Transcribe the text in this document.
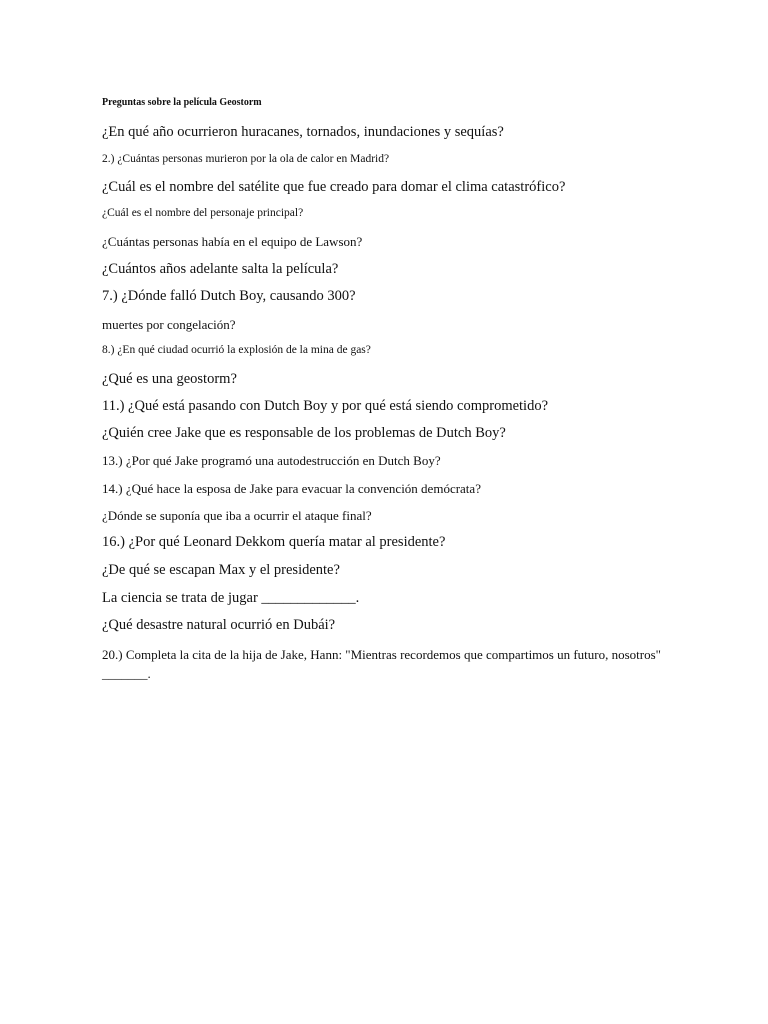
Preguntas sobre la película Geostorm
¿En qué año ocurrieron huracanes, tornados, inundaciones y sequías?
2.) ¿Cuántas personas murieron por la ola de calor en Madrid?
¿Cuál es el nombre del satélite que fue creado para domar el clima catastrófico?
¿Cuál es el nombre del personaje principal?
¿Cuántas personas había en el equipo de Lawson?
¿Cuántos años adelante salta la película?
7.) ¿Dónde falló Dutch Boy, causando 300?
muertes por congelación?
8.) ¿En qué ciudad ocurrió la explosión de la mina de gas?
¿Qué es una geostorm?
11.) ¿Qué está pasando con Dutch Boy y por qué está siendo comprometido?
¿Quién cree Jake que es responsable de los problemas de Dutch Boy?
13.) ¿Por qué Jake programó una autodestrucción en Dutch Boy?
14.) ¿Qué hace la esposa de Jake para evacuar la convención demócrata?
¿Dónde se suponía que iba a ocurrir el ataque final?
16.) ¿Por qué Leonard Dekkom quería matar al presidente?
¿De qué se escapan Max y el presidente?
La ciencia se trata de jugar _____________.
¿Qué desastre natural ocurrió en Dubái?
20.) Completa la cita de la hija de Jake, Hann: "Mientras recordemos que compartimos un futuro, nosotros" _______.
